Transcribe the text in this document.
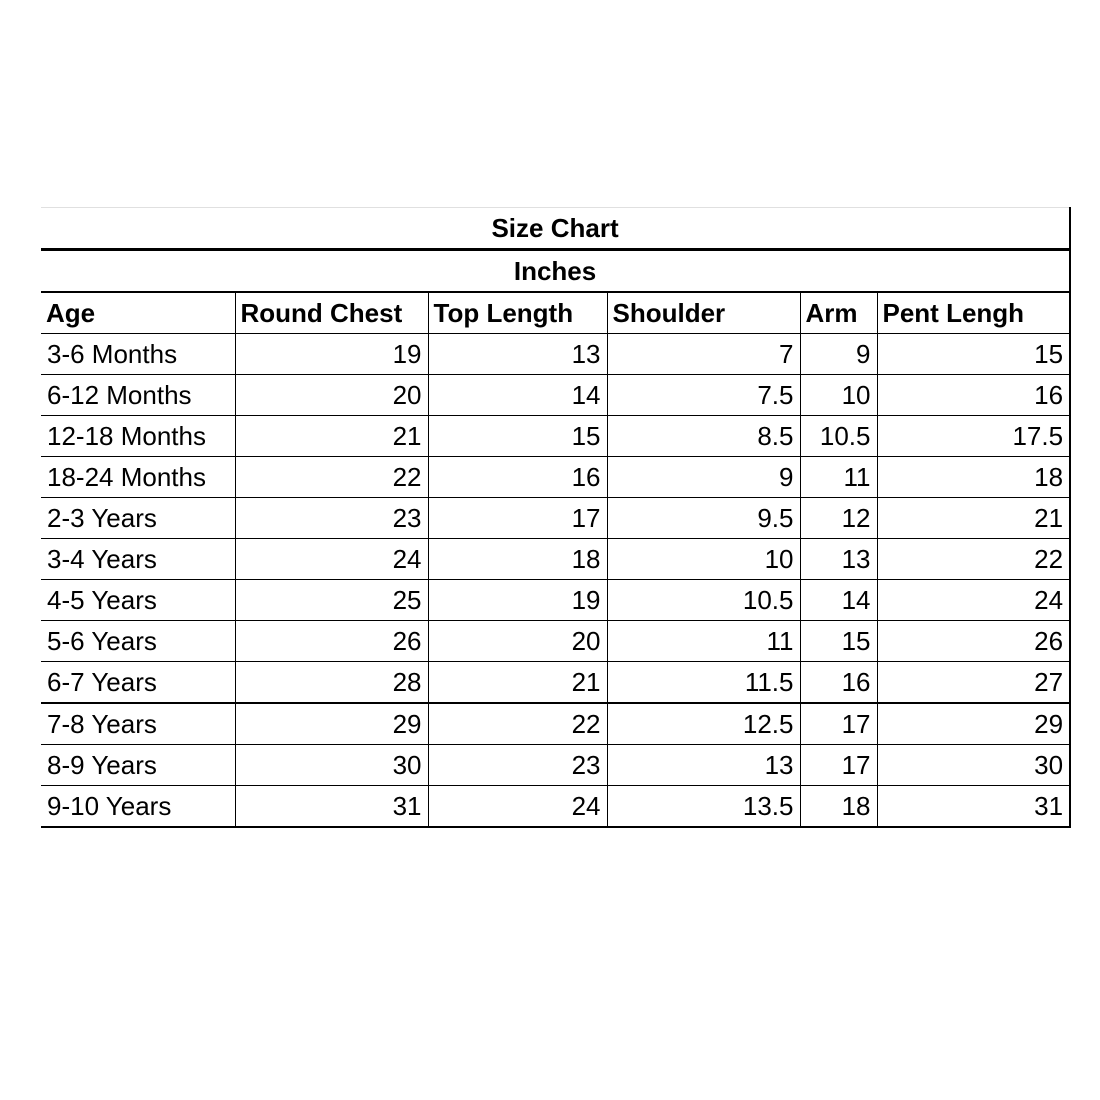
Size Chart					
Inches					
Age	Round Chest	Top Length	Shoulder	Arm	Pent Lengh
3-6 Months	19	13	7	9	15
6-12 Months	20	14	7.5	10	16
12-18 Months	21	15	8.5	10.5	17.5
18-24 Months	22	16	9	11	18
2-3 Years	23	17	9.5	12	21
3-4 Years	24	18	10	13	22
4-5 Years	25	19	10.5	14	24
5-6 Years	26	20	11	15	26
6-7 Years	28	21	11.5	16	27
7-8 Years	29	22	12.5	17	29
8-9 Years	30	23	13	17	30
9-10 Years	31	24	13.5	18	31
